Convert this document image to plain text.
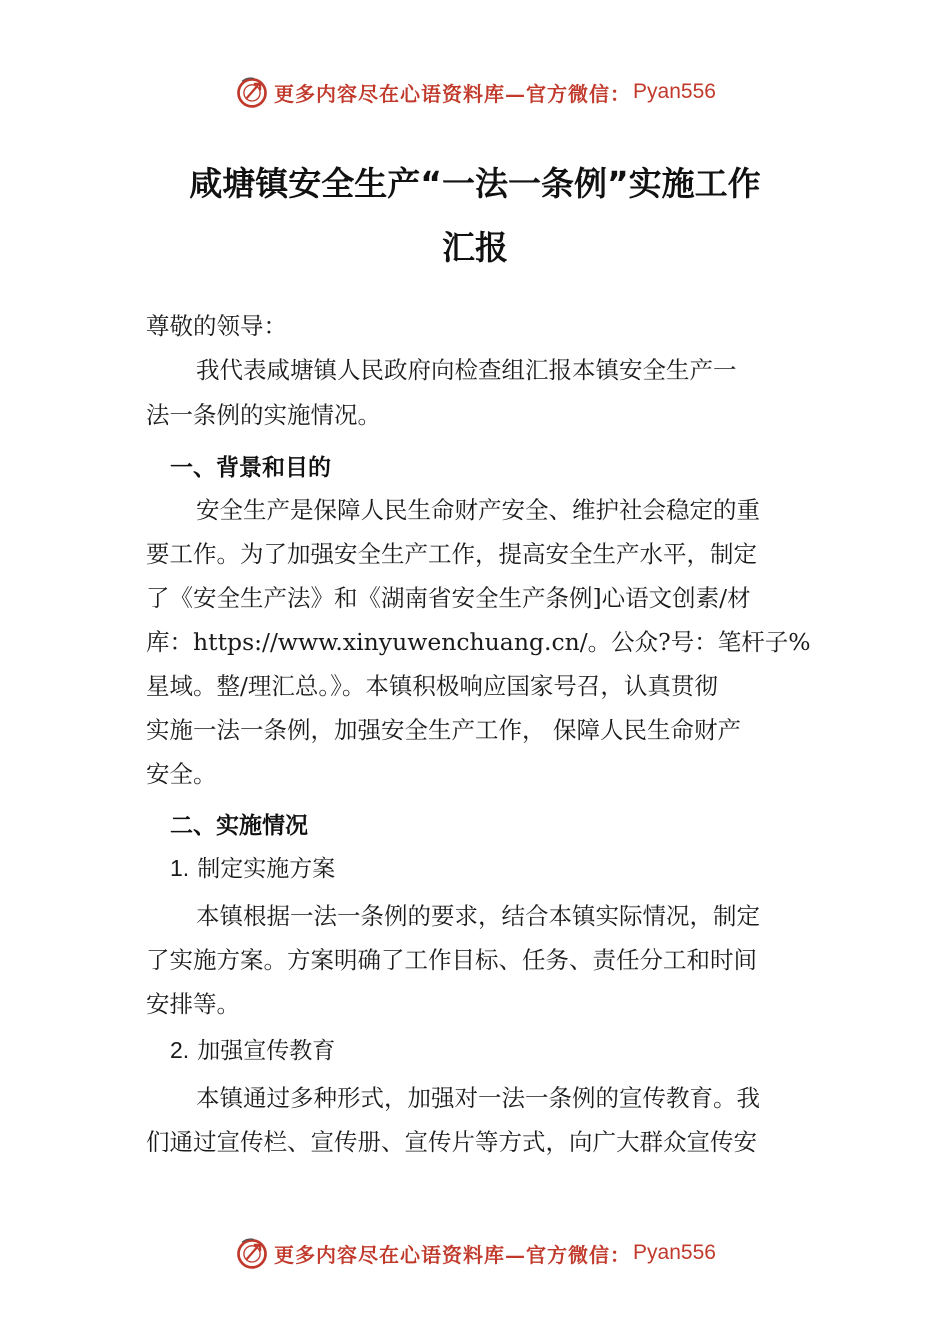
更多内容尽在心语资料库—官方微信： Pyan556
咸塘镇安全生产“一法一条例”实施工作
汇报
尊敬的领导：
我代表咸塘镇人民政府向检查组汇报本镇安全生产一
法一条例的实施情况。
一、背景和目的
安全生产是保障人民生命财产安全、维护社会稳定的重
要工作。为了加强安全生产工作，提高安全生产水平，制定
了《安全生产法》和《湖南省安全生产条例]心语文创素/材
库：https://www.xinyuwenchuang.cn/。公众?号：笔杆子%
星域。整/理汇总。》。本镇积极响应国家号召，认真贯彻
实施一法一条例，加强安全生产工作， 保障人民生命财产
安全。
二、实施情况
1. 制定实施方案
本镇根据一法一条例的要求，结合本镇实际情况，制定
了实施方案。方案明确了工作目标、任务、责任分工和时间
安排等。
2. 加强宣传教育
本镇通过多种形式，加强对一法一条例的宣传教育。我
们通过宣传栏、宣传册、宣传片等方式，向广大群众宣传安
更多内容尽在心语资料库—官方微信： Pyan556
